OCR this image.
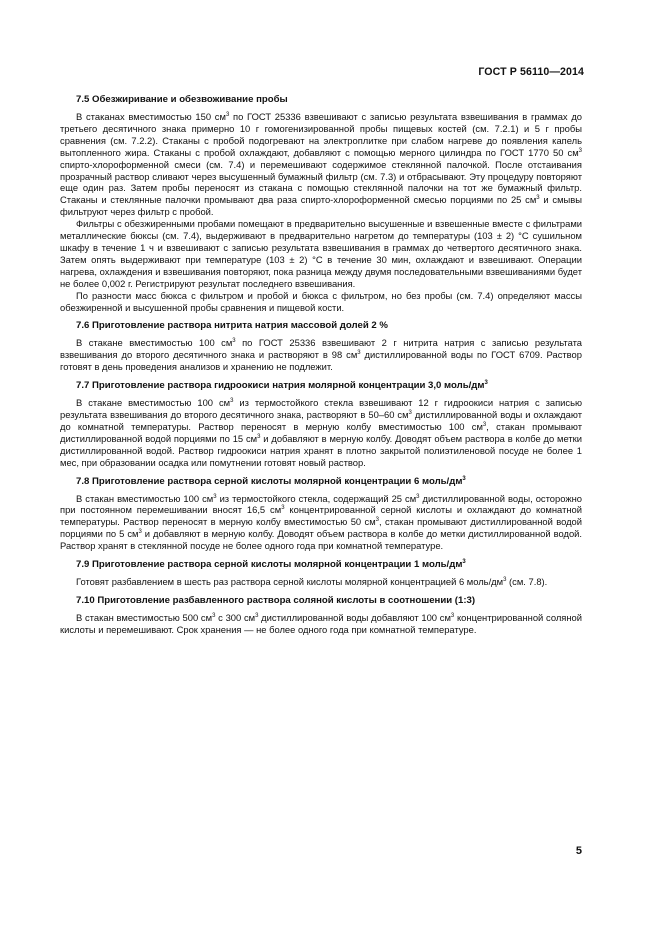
ГОСТ Р 56110—2014
7.5 Обезжиривание и обезвоживание пробы

В стаканах вместимостью 150 $см^3$ по ГОСТ 25336 взвешивают с записью результата взвешивания в граммах до третьего десятичного знака примерно 10 г гомогенизированной пробы пищевых костей (см. 7.2.1) и 5 г пробы сравнения (см. 7.2.2). Стаканы с пробой подогревают на электроплитке при слабом нагреве до появления капель вытопленного жира. Стаканы с пробой охлаждают, добавляют с помощью мерного цилиндра по ГОСТ 1770 50 $см^3$ спирто-хлороформенной смеси (см. 7.4) и перемешивают содержимое стеклянной палочкой. После отстаивания прозрачный раствор сливают через высушенный бумажный фильтр (см. 7.3) и отбрасывают. Эту процедуру повторяют еще один раз. Затем пробы переносят из стакана с помощью стеклянной палочки на тот же бумажный фильтр. Стаканы и стеклянные палочки промывают два раза спирто-хлороформенной смесью порциями по 25 $см^3$ и смывы фильтруют через фильтр с пробой.

Фильтры с обезжиренными пробами помещают в предварительно высушенные и взвешенные вместе с фильтрами металлические бюксы (см. 7.4), выдерживают в предварительно нагретом до температуры (103 ± 2) °С сушильном шкафу в течение 1 ч и взвешивают с записью результата взвешивания в граммах до четвертого десятичного знака. Затем опять выдерживают при температуре (103 ± 2) °С в течение 30 мин, охлаждают и взвешивают. Операции нагрева, охлаждения и взвешивания повторяют, пока разница между двумя последовательными взвешиваниями будет не более 0,002 г. Регистрируют результат последнего взвешивания.

По разности масс бюкса с фильтром и пробой и бюкса с фильтром, но без пробы (см. 7.4) определяют массы обезжиренной и высушенной пробы сравнения и пищевой кости.

7.6 Приготовление раствора нитрита натрия массовой долей 2 %

В стакане вместимостью 100 $см^3$ по ГОСТ 25336 взвешивают 2 г нитрита натрия с записью результата взвешивания до второго десятичного знака и растворяют в 98 $см^3$ дистиллированной воды по ГОСТ 6709. Раствор готовят в день проведения анализов и хранению не подлежит.

7.7 Приготовление раствора гидроокиси натрия молярной концентрации 3,0 моль/$дм^3$

В стакане вместимостью 100 $см^3$ из термостойкого стекла взвешивают 12 г гидроокиси натрия с записью результата взвешивания до второго десятичного знака, растворяют в 50–60 $см^3$ дистиллированной воды и охлаждают до комнатной температуры. Раствор переносят в мерную колбу вместимостью 100 $см^3$, стакан промывают дистиллированной водой порциями по 15 $см^3$ и добавляют в мерную колбу. Доводят объем раствора в колбе до метки дистиллированной водой. Раствор гидроокиси натрия хранят в плотно закрытой полиэтиленовой посуде не более 1 мес, при образовании осадка или помутнении готовят новый раствор.

7.8 Приготовление раствора серной кислоты молярной концентрации 6 моль/$дм^3$

В стакан вместимостью 100 $см^3$ из термостойкого стекла, содержащий 25 $см^3$ дистиллированной воды, осторожно при постоянном перемешивании вносят 16,5 $см^3$ концентрированной серной кислоты и охлаждают до комнатной температуры. Раствор переносят в мерную колбу вместимостью 50 $см^3$, стакан промывают дистиллированной водой порциями по 5 $см^3$ и добавляют в мерную колбу. Доводят объем раствора в колбе до метки дистиллированной водой. Раствор хранят в стеклянной посуде не более одного года при комнатной температуре.

7.9 Приготовление раствора серной кислоты молярной концентрации 1 моль/$дм^3$

Готовят разбавлением в шесть раз раствора серной кислоты молярной концентрацией 6 моль/$дм^3$ (см. 7.8).

7.10 Приготовление разбавленного раствора соляной кислоты в соотношении (1:3)

В стакан вместимостью 500 $см^3$ с 300 $см^3$ дистиллированной воды добавляют 100 $см^3$ концентрированной соляной кислоты и перемешивают. Срок хранения — не более одного года при комнатной температуре.

5
